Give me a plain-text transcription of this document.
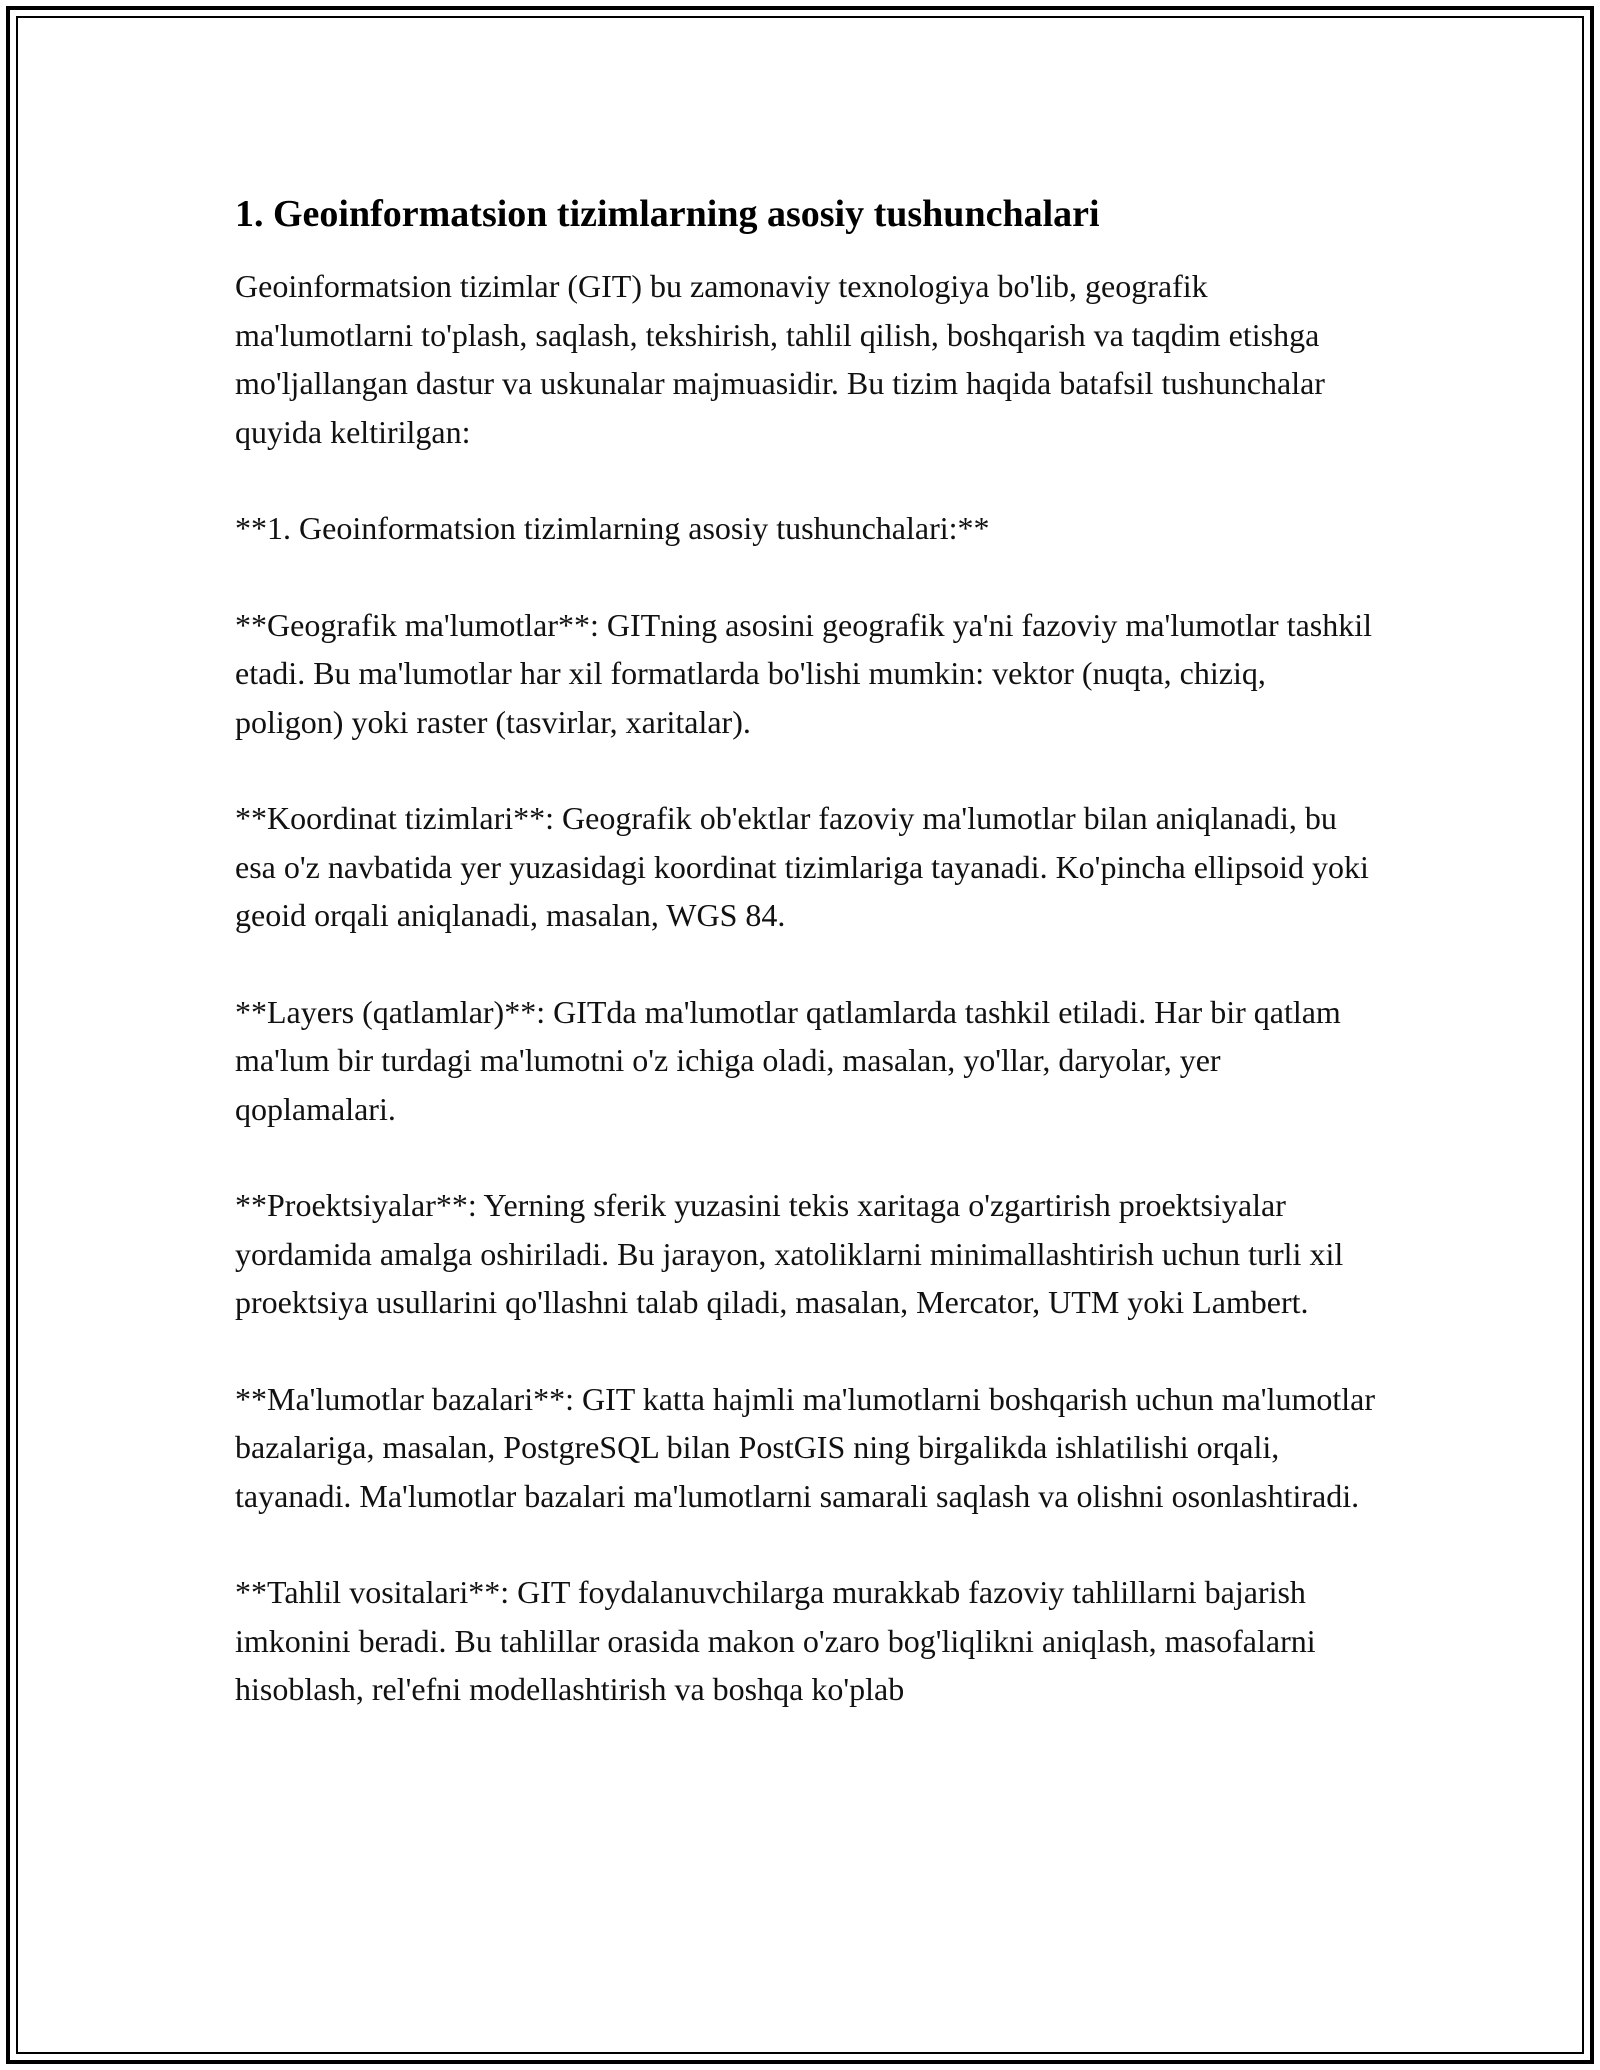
1. Geoinformatsion tizimlarning asosiy tushunchalari

Geoinformatsion tizimlar (GIT) bu zamonaviy texnologiya bo'lib, geografik ma'lumotlarni to'plash, saqlash, tekshirish, tahlil qilish, boshqarish va taqdim etishga mo'ljallangan dastur va uskunalar majmuasidir. Bu tizim haqida batafsil tushunchalar quyida keltirilgan:

**1. Geoinformatsion tizimlarning asosiy tushunchalari:**

**Geografik ma'lumotlar**: GITning asosini geografik ya'ni fazoviy ma'lumotlar tashkil etadi. Bu ma'lumotlar har xil formatlarda bo'lishi mumkin: vektor (nuqta, chiziq, poligon) yoki raster (tasvirlar, xaritalar).

**Koordinat tizimlari**: Geografik ob'ektlar fazoviy ma'lumotlar bilan aniqlanadi, bu esa o'z navbatida yer yuzasidagi koordinat tizimlariga tayanadi. Ko'pincha ellipsoid yoki geoid orqali aniqlanadi, masalan, WGS 84.

**Layers (qatlamlar)**: GITda ma'lumotlar qatlamlarda tashkil etiladi. Har bir qatlam ma'lum bir turdagi ma'lumotni o'z ichiga oladi, masalan, yo'llar, daryolar, yer qoplamalari.

**Proektsiyalar**: Yerning sferik yuzasini tekis xaritaga o'zgartirish proektsiyalar yordamida amalga oshiriladi. Bu jarayon, xatoliklarni minimallashtirish uchun turli xil proektsiya usullarini qo'llashni talab qiladi, masalan, Mercator, UTM yoki Lambert.

**Ma'lumotlar bazalari**: GIT katta hajmli ma'lumotlarni boshqarish uchun ma'lumotlar bazalariga, masalan, PostgreSQL bilan PostGIS ning birgalikda ishlatilishi orqali, tayanadi. Ma'lumotlar bazalari ma'lumotlarni samarali saqlash va olishni osonlashtiradi.

**Tahlil vositalari**: GIT foydalanuvchilarga murakkab fazoviy tahlillarni bajarish imkonini beradi. Bu tahlillar orasida makon o'zaro bog'liqlikni aniqlash, masofalarni hisoblash, rel'efni modellashtirish va boshqa ko'plab
